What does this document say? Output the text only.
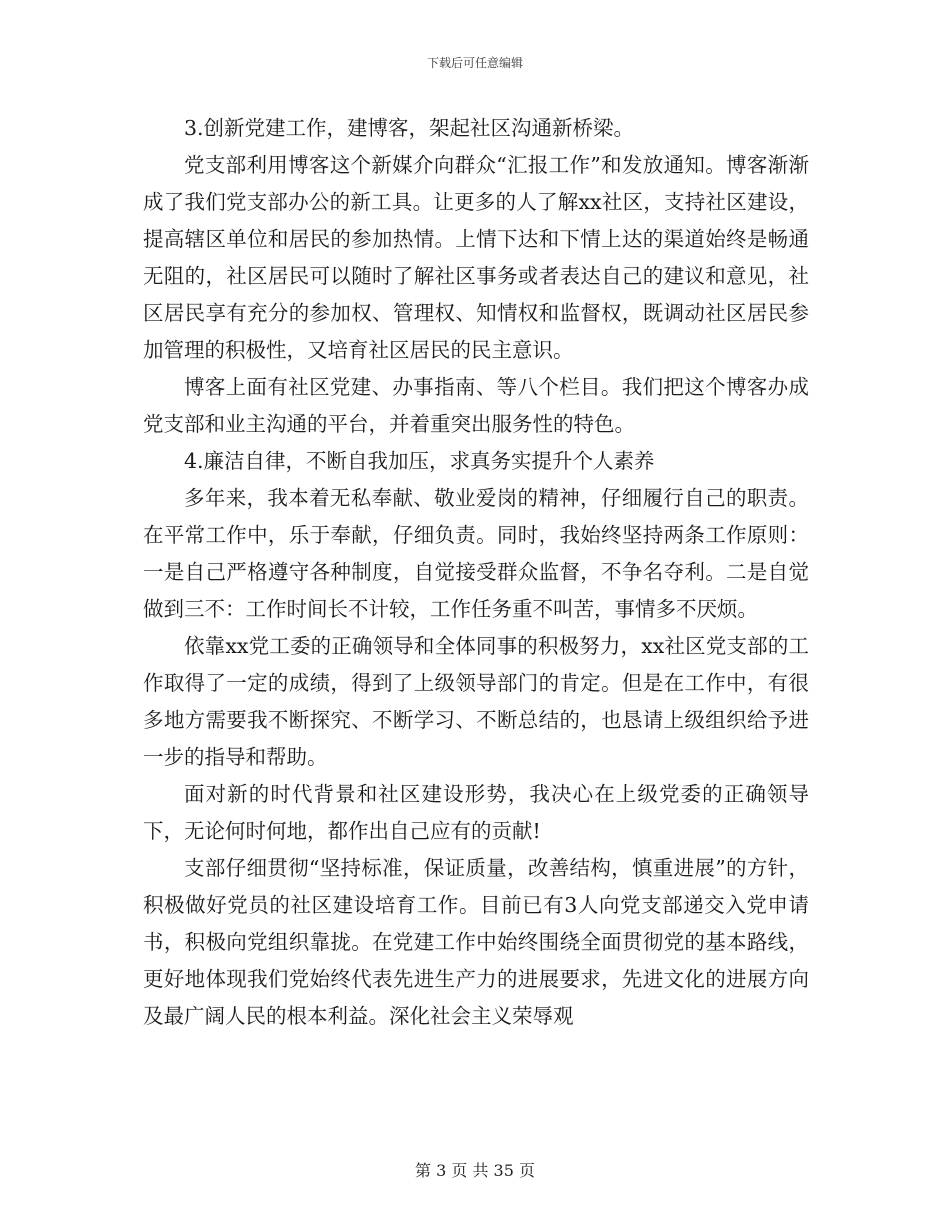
下载后可任意编辑

3.创新党建工作，建博客，架起社区沟通新桥梁。

党支部利用博客这个新媒介向群众“汇报工作”和发放通知。博客渐渐成了我们党支部办公的新工具。让更多的人了解xx社区，支持社区建设，提高辖区单位和居民的参加热情。上情下达和下情上达的渠道始终是畅通无阻的，社区居民可以随时了解社区事务或者表达自己的建议和意见，社区居民享有充分的参加权、管理权、知情权和监督权，既调动社区居民参加管理的积极性，又培育社区居民的民主意识。

博客上面有社区党建、办事指南、等八个栏目。我们把这个博客办成党支部和业主沟通的平台，并着重突出服务性的特色。

4.廉洁自律，不断自我加压，求真务实提升个人素养

多年来，我本着无私奉献、敬业爱岗的精神，仔细履行自己的职责。在平常工作中，乐于奉献，仔细负责。同时，我始终坚持两条工作原则：一是自己严格遵守各种制度，自觉接受群众监督，不争名夺利。二是自觉做到三不：工作时间长不计较，工作任务重不叫苦，事情多不厌烦。

依靠xx党工委的正确领导和全体同事的积极努力，xx社区党支部的工作取得了一定的成绩，得到了上级领导部门的肯定。但是在工作中，有很多地方需要我不断探究、不断学习、不断总结的，也恳请上级组织给予进一步的指导和帮助。

面对新的时代背景和社区建设形势，我决心在上级党委的正确领导下，无论何时何地，都作出自己应有的贡献!

支部仔细贯彻“坚持标准，保证质量，改善结构，慎重进展”的方针，积极做好党员的社区建设培育工作。目前已有3人向党支部递交入党申请书，积极向党组织靠拢。在党建工作中始终围绕全面贯彻党的基本路线，更好地体现我们党始终代表先进生产力的进展要求，先进文化的进展方向及最广阔人民的根本利益。深化社会主义荣辱观

第 3 页 共 35 页
